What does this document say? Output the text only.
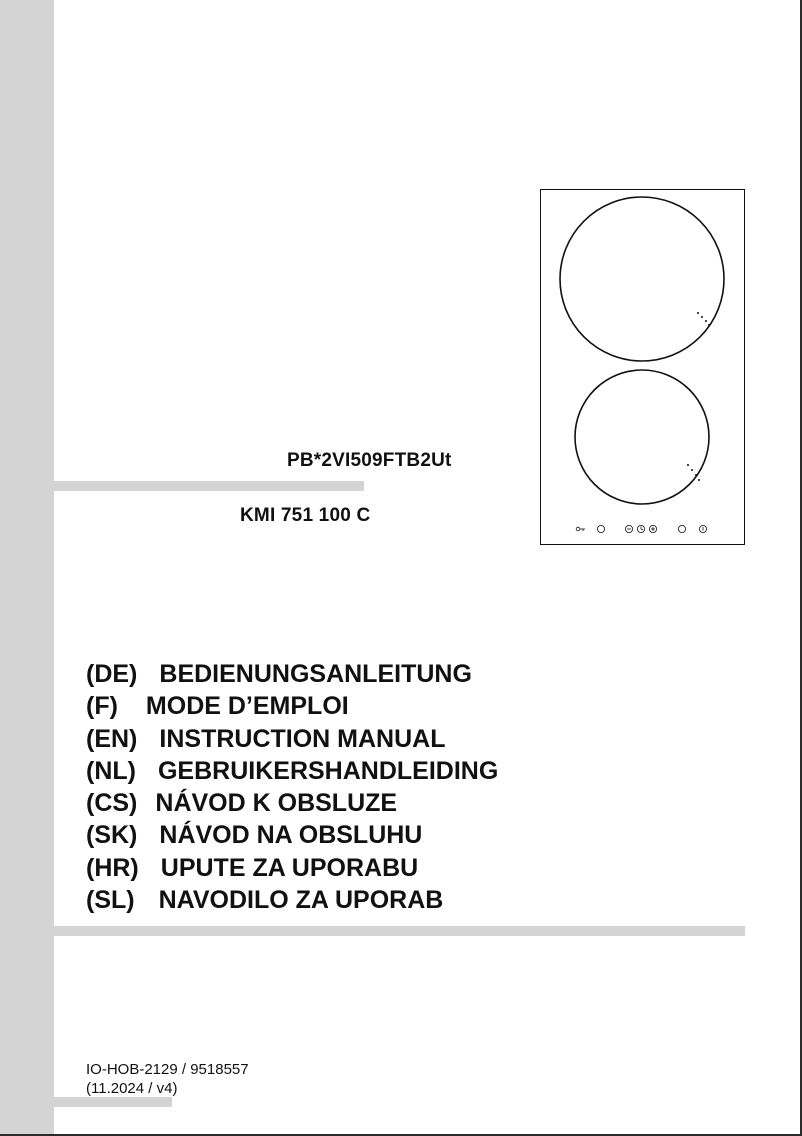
PB*2VI509FTB2Ut
KMI 751 100 C
(DE) BEDIENUNGSANLEITUNG
(F) MODE D’EMPLOI
(EN) INSTRUCTION MANUAL
(NL) GEBRUIKERSHANDLEIDING
(CS) NÁVOD K OBSLUZE
(SK) NÁVOD NA OBSLUHU
(HR) UPUTE ZA UPORABU
(SL) NAVODILO ZA UPORAB
IO-HOB-2129 / 9518557
(11.2024 / v4)
